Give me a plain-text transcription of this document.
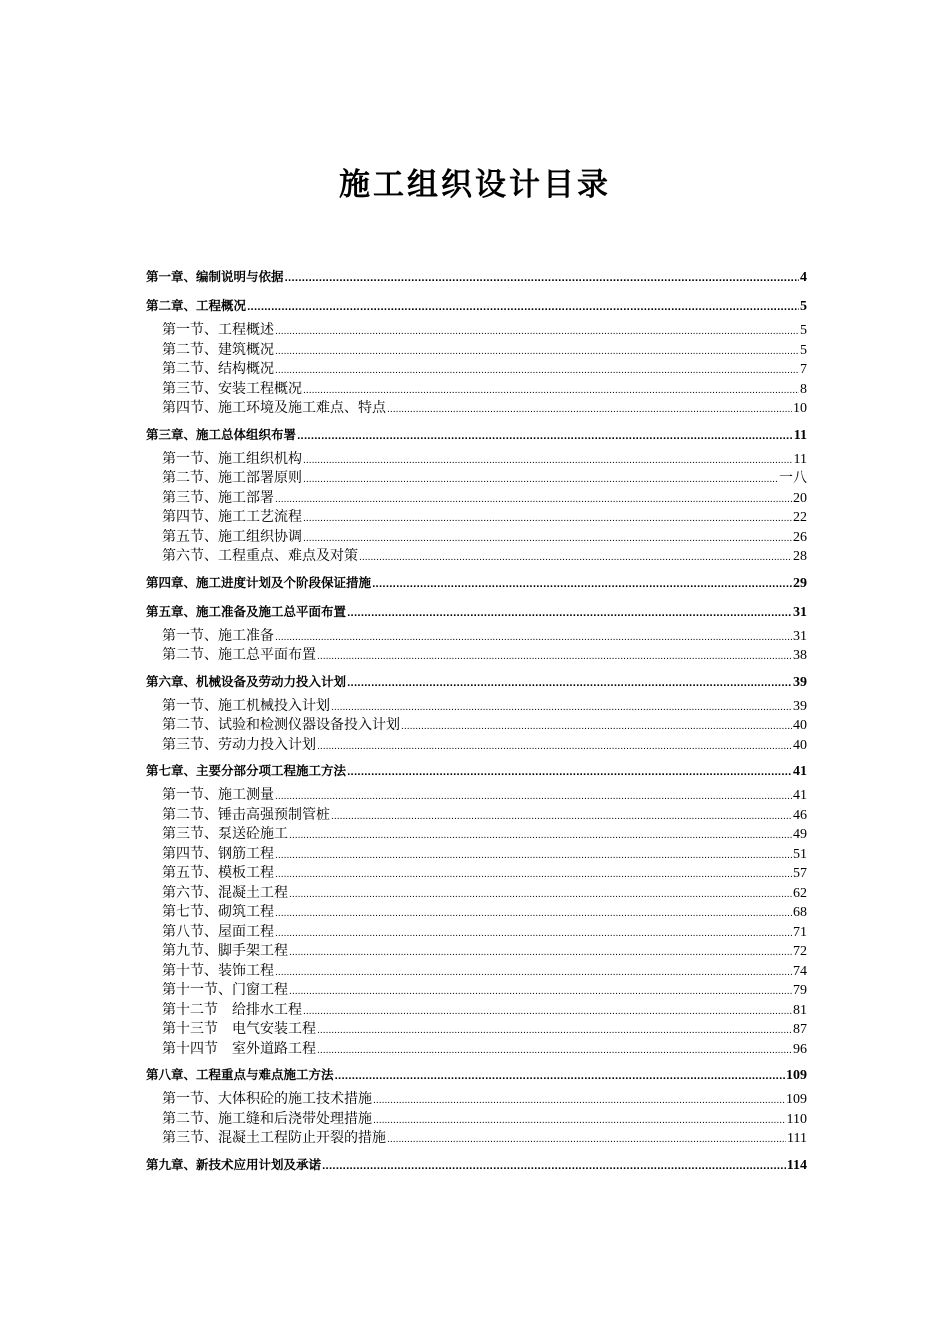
施工组织设计目录
第一章、编制说明与依据 .....	4
第二章、工程概况 .....	5
第一节、工程概述 .....	5
第二节、建筑概况 .....	5
第二节、结构概况 .....	7
第三节、安装工程概况 .....	8
第四节、施工环境及施工难点、特点 .....	10
第三章、施工总体组织布署 .....	11
第一节、施工组织机构 .....	11
第二节、施工部署原则 .....	一八
第三节、施工部署 .....	20
第四节、施工工艺流程 .....	22
第五节、施工组织协调 .....	26
第六节、工程重点、难点及对策 .....	28
第四章、施工进度计划及个阶段保证措施 .....	29
第五章、施工准备及施工总平面布置 .....	31
第一节、施工准备 .....	31
第二节、施工总平面布置 .....	38
第六章、机械设备及劳动力投入计划 .....	39
第一节、施工机械投入计划 .....	39
第二节、试验和检测仪器设备投入计划 .....	40
第三节、劳动力投入计划 .....	40
第七章、主要分部分项工程施工方法 .....	41
第一节、施工测量 .....	41
第二节、锤击高强预制管桩 .....	46
第三节、泵送砼施工 .....	49
第四节、钢筋工程 .....	51
第五节、模板工程 .....	57
第六节、混凝土工程 .....	62
第七节、砌筑工程 .....	68
第八节、屋面工程 .....	71
第九节、脚手架工程 .....	72
第十节、装饰工程 .....	74
第十一节、门窗工程 .....	79
第十二节　给排水工程 .....	81
第十三节　电气安装工程 .....	87
第十四节　室外道路工程 .....	96
第八章、工程重点与难点施工方法 .....	109
第一节、大体积砼的施工技术措施 .....	109
第二节、施工缝和后浇带处理措施 .....	110
第三节、混凝土工程防止开裂的措施 .....	111
第九章、新技术应用计划及承诺 .....	114
